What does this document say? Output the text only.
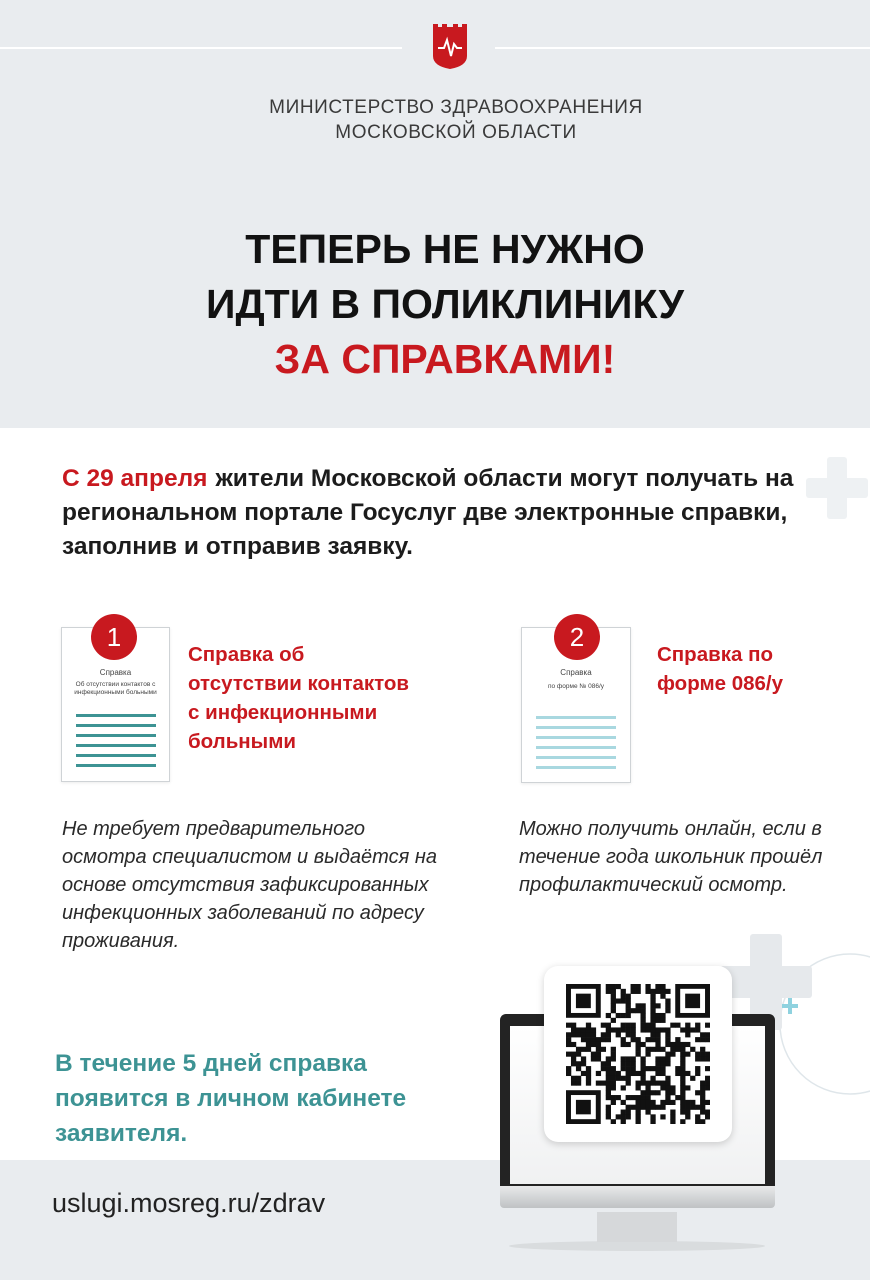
МИНИСТЕРСТВО ЗДРАВООХРАНЕНИЯ
МОСКОВСКОЙ ОБЛАСТИ
ТЕПЕРЬ НЕ НУЖНО
ИДТИ В ПОЛИКЛИНИКУ
ЗА СПРАВКАМИ!
С 29 апреля жители Московской области могут получать на региональном портале Госуслуг две электронные справки, заполнив и отправив заявку.
Справка
Об отсутствии контактов с инфекционными больными
1
Справка об отсутствии контактов с инфекционными больными
Не требует предварительного осмотра специалистом и выдаётся на основе отсутствия зафиксированных инфекционных заболеваний по адресу проживания.
Справка
по форме № 086/у
2
Справка по форме 086/у
Можно получить онлайн, если в течение года школьник прошёл профилактический осмотр.
В течение 5 дней справка появится в личном кабинете заявителя.
uslugi.mosreg.ru/zdrav
